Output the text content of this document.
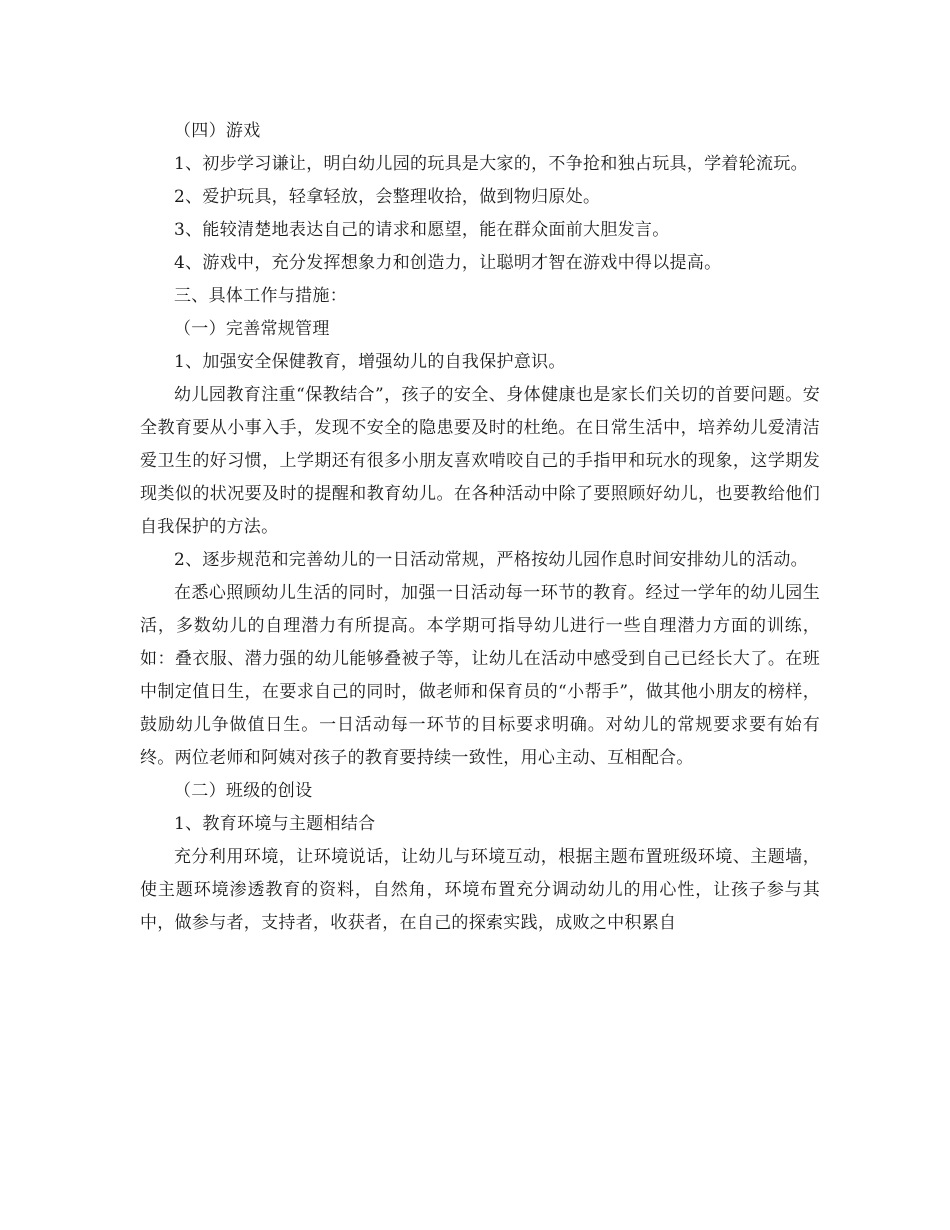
（四）游戏

1、初步学习谦让，明白幼儿园的玩具是大家的，不争抢和独占玩具，学着轮流玩。

2、爱护玩具，轻拿轻放，会整理收拾，做到物归原处。

3、能较清楚地表达自己的请求和愿望，能在群众面前大胆发言。

4、游戏中，充分发挥想象力和创造力，让聪明才智在游戏中得以提高。

三、具体工作与措施：

（一）完善常规管理

1、加强安全保健教育，增强幼儿的自我保护意识。

幼儿园教育注重“保教结合”，孩子的安全、身体健康也是家长们关切的首要问题。安全教育要从小事入手，发现不安全的隐患要及时的杜绝。在日常生活中，培养幼儿爱清洁爱卫生的好习惯，上学期还有很多小朋友喜欢啃咬自己的手指甲和玩水的现象，这学期发现类似的状况要及时的提醒和教育幼儿。在各种活动中除了要照顾好幼儿，也要教给他们自我保护的方法。

2、逐步规范和完善幼儿的一日活动常规，严格按幼儿园作息时间安排幼儿的活动。

在悉心照顾幼儿生活的同时，加强一日活动每一环节的教育。经过一学年的幼儿园生活，多数幼儿的自理潜力有所提高。本学期可指导幼儿进行一些自理潜力方面的训练，如：叠衣服、潜力强的幼儿能够叠被子等，让幼儿在活动中感受到自己已经长大了。在班中制定值日生，在要求自己的同时，做老师和保育员的“小帮手”，做其他小朋友的榜样，鼓励幼儿争做值日生。一日活动每一环节的目标要求明确。对幼儿的常规要求要有始有终。两位老师和阿姨对孩子的教育要持续一致性，用心主动、互相配合。

（二）班级的创设

1、教育环境与主题相结合

充分利用环境，让环境说话，让幼儿与环境互动，根据主题布置班级环境、主题墙，使主题环境渗透教育的资料，自然角，环境布置充分调动幼儿的用心性，让孩子参与其中，做参与者，支持者，收获者，在自己的探索实践，成败之中积累自
